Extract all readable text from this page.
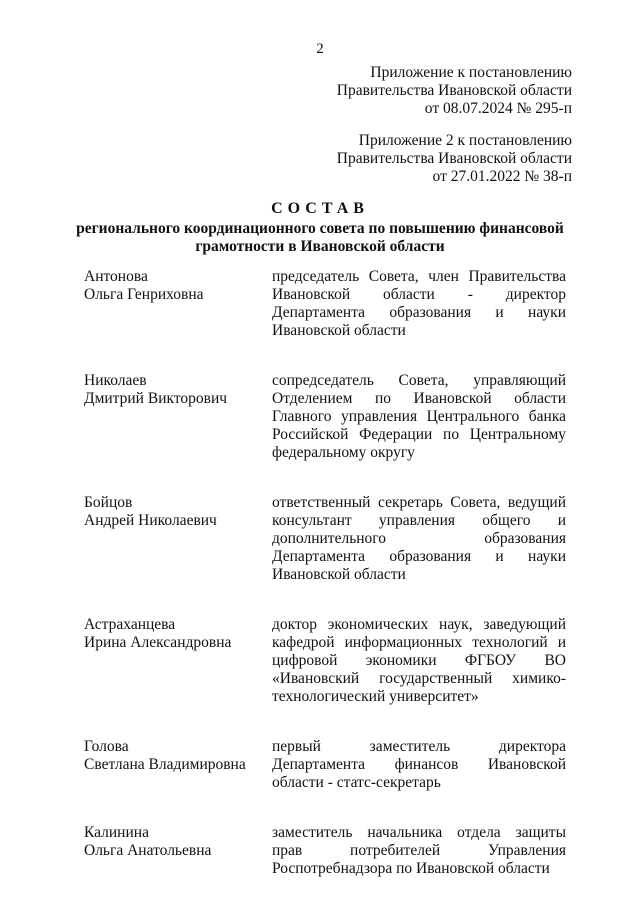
2
Приложение к постановлению
Правительства Ивановской области
от 08.07.2024 № 295-п
Приложение 2 к постановлению
Правительства Ивановской области
от 27.01.2022 № 38-п
СОСТАВ
регионального координационного совета по повышению финансовой
грамотности в Ивановской области
Антонова
Ольга Генриховна
председатель Совета, член Правительства Ивановской области - директор Департамента образования и науки Ивановской области
Николаев
Дмитрий Викторович
сопредседатель Совета, управляющий Отделением по Ивановской области Главного управления Центрального банка Российской Федерации по Центральному федеральному округу
Бойцов
Андрей Николаевич
ответственный секретарь Совета, ведущий консультант управления общего и дополнительного образования Департамента образования и науки Ивановской области
Астраханцева
Ирина Александровна
доктор экономических наук, заведующий кафедрой информационных технологий и цифровой экономики ФГБОУ ВО «Ивановский государственный химико-технологический университет»
Голова
Светлана Владимировна
первый заместитель директора Департамента финансов Ивановской области - статс-секретарь
Калинина
Ольга Анатольевна
заместитель начальника отдела защиты прав потребителей Управления Роспотребнадзора по Ивановской области
